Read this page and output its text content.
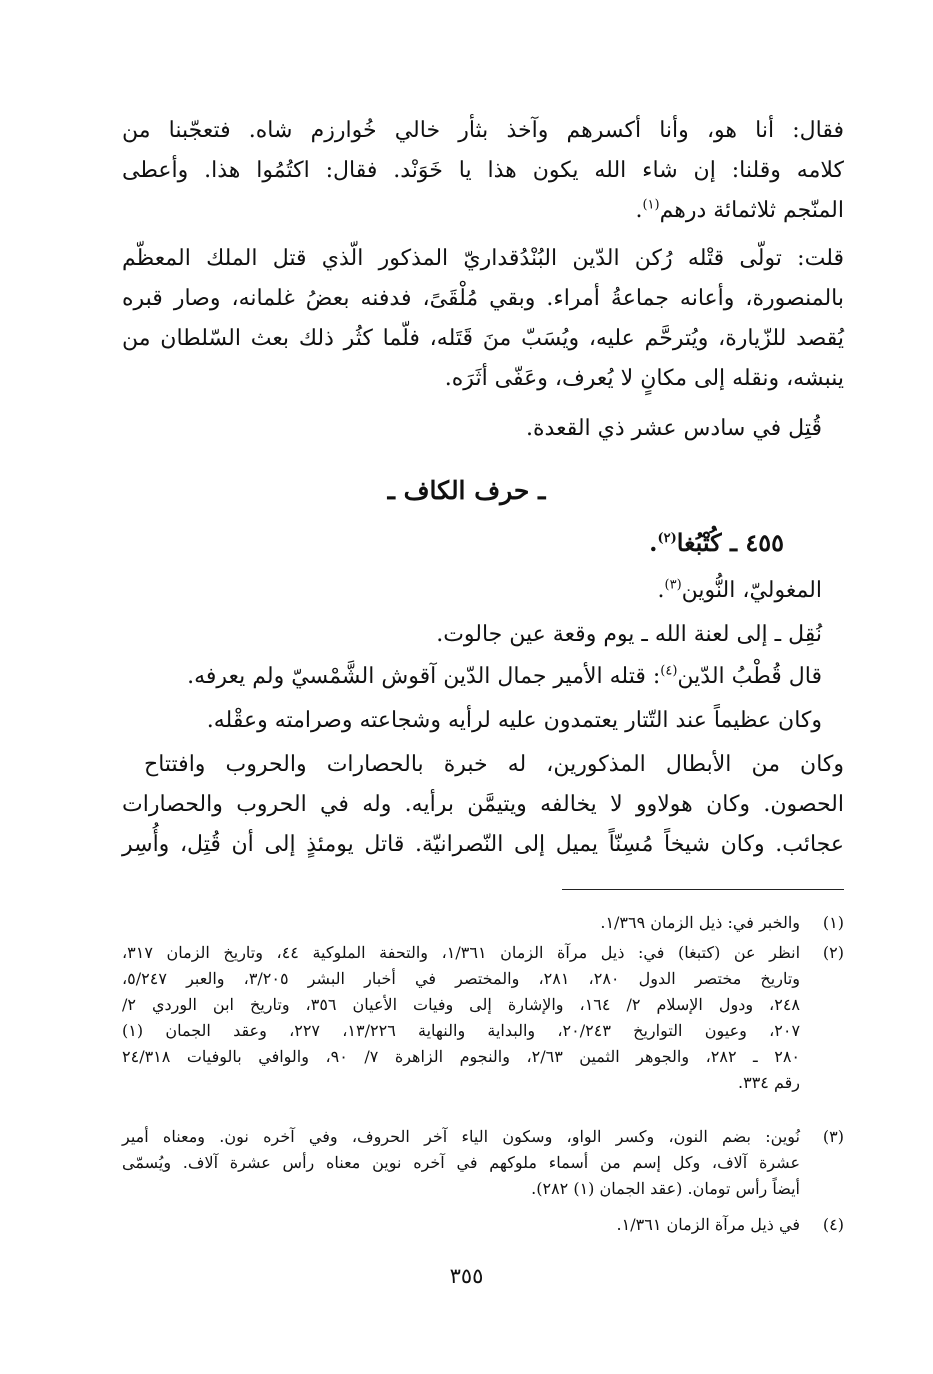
فقال: أنا هو، وأنا أكسرهم وآخذ بثأر خالي خُوارزم شاه. فتعجّبنا من
كلامه وقلنا: إن شاء الله يكون هذا يا خَوَنْد. فقال: اكتُمُوا هذا. وأعطى
المنّجم ثلاثمائة درهم$^{(١)}$.
قلت: تولّى قتْله رُكن الدّين البُنْدُقداريّ المذكور الّذي قتل الملك المعظّم
بالمنصورة، وأعانه جماعةُ أمراء. وبقي مُلْقَىً، فدفنه بعضُ غلمانه، وصار قبره
يُقصد للزّيارة، ويُترحَّم عليه، ويُسَبّ منَ قَتَله، فلّما كثُر ذلك بعث السّلطان من
ينبشه، ونقله إلى مكانٍ لا يُعرف، وعَفّى أثَرَه.
قُتِل في سادس عشر ذي القعدة.
ـ حرف الكاف ـ
٤٥٥ ـ كُتْبُغا$^{(٢)}$.
المغوليّ، النُّوين$^{(٣)}$.
نُقِل ـ إلى لعنة الله ـ يوم وقعة عين جالوت.
قال قُطْبُ الدّين$^{(٤)}$: قتله الأمير جمال الدّين آقوش الشَّمْسيّ ولم يعرفه.
وكان عظيماً عند التّتار يعتمدون عليه لرأيه وشجاعته وصرامته وعقْله.
وكان من الأبطال المذكورين، له خبرة بالحصارات والحروب وافتتاح
الحصون. وكان هولاوو لا يخالفه ويتيمَّن برأيه. وله في الحروب والحصارات
عجائب. وكان شيخاً مُسِنّاً يميل إلى النّصرانيّة. قاتل يومئذٍ إلى أن قُتِل، وأُسِر
(١)
والخبر في: ذيل الزمان ١/٣٦٩.
(٢)
انظر عن (كتبغا) في: ذيل مرآة الزمان ١/٣٦١، والتحفة الملوكية ٤٤، وتاريخ الزمان ٣١٧،
وتاريخ مختصر الدول ٢٨٠، ٢٨١، والمختصر في أخبار البشر ٣/٢٠٥، والعبر ٥/٢٤٧،
٢٤٨، ودول الإسلام ٢/ ١٦٤، والإشارة إلى وفيات الأعيان ٣٥٦، وتاريخ ابن الوردي ٢/
٢٠٧، وعيون التواريخ ٢٠/٢٤٣، والبداية والنهاية ١٣/٢٢٦، ٢٢٧، وعقد الجمان (١)
٢٨٠ ـ ٢٨٢، والجوهر الثمين ٢/٦٣، والنجوم الزاهرة ٧/ ٩٠، والوافي بالوفيات ٢٤/٣١٨
رقم ٣٣٤.
(٣)
نُوين: بضم النون، وكسر الواو، وسكون الياء آخر الحروف، وفي آخره نون. ومعناه أمير
عشرة آلاف، وكل إسم من أسماء ملوكهم في آخره نوين معناه رأس عشرة آلاف. ويُسمّى
أيضاً رأس تومان. (عقد الجمان (١) ٢٨٢).
(٤)
في ذيل مرآة الزمان ١/٣٦١.
٣٥٥
